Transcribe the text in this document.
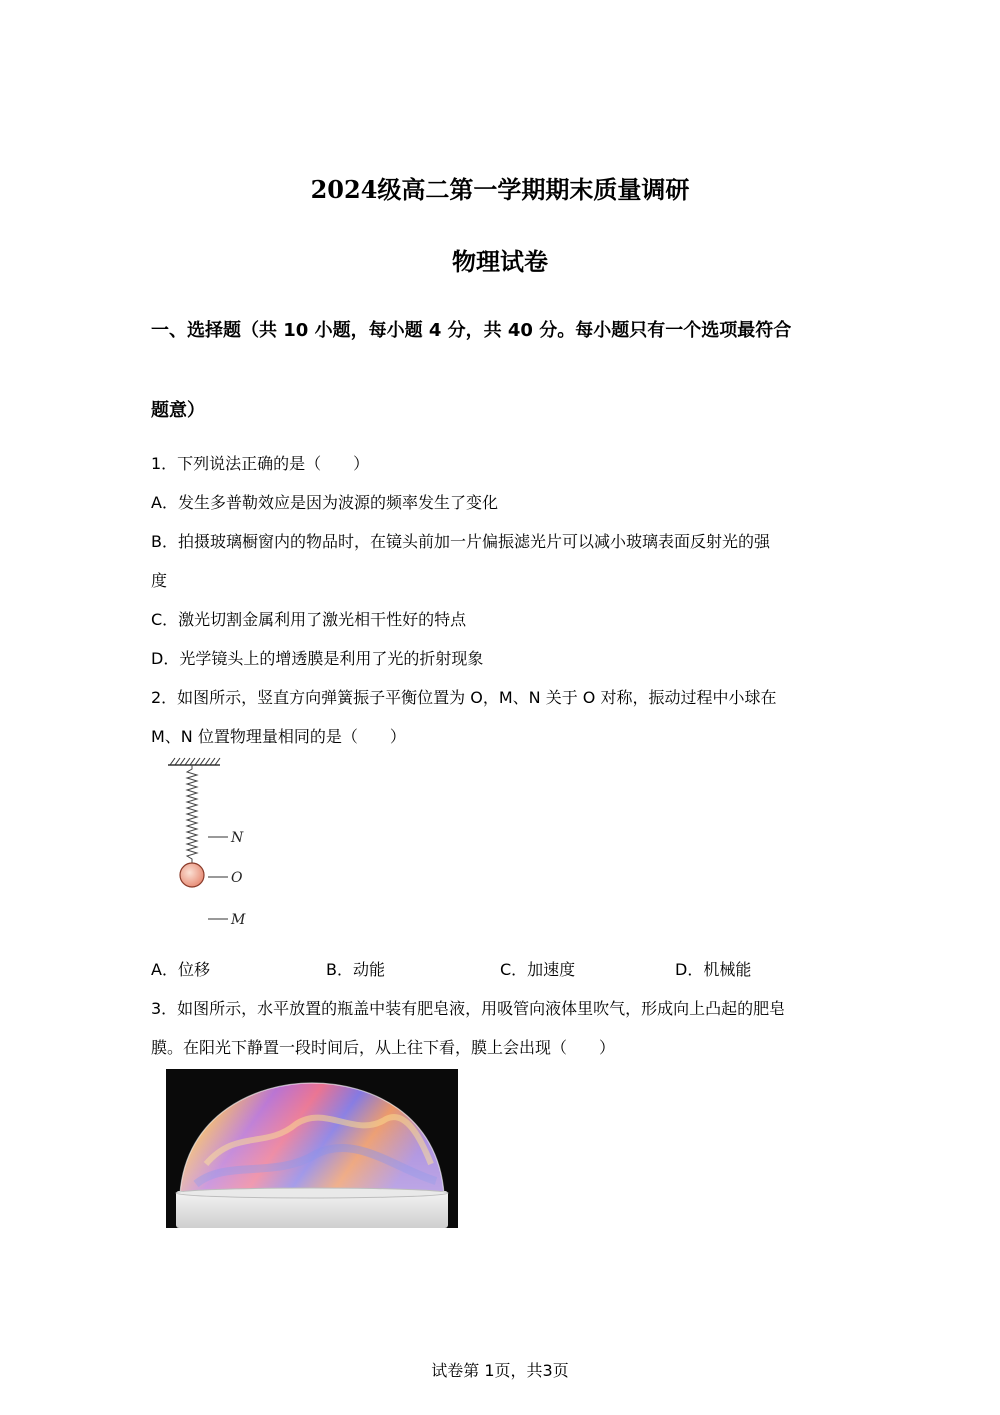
2024级高二第一学期期末质量调研
物理试卷
一、选择题（共 10 小题，每小题 4 分，共 40 分。每小题只有一个选项最符合
题意）
1．下列说法正确的是（　　）
A．发生多普勒效应是因为波源的频率发生了变化
B．拍摄玻璃橱窗内的物品时，在镜头前加一片偏振滤光片可以减小玻璃表面反射光的强
度
C．激光切割金属利用了激光相干性好的特点
D．光学镜头上的增透膜是利用了光的折射现象
2．如图所示，竖直方向弹簧振子平衡位置为 O，M、N 关于 O 对称，振动过程中小球在
M、N 位置物理量相同的是（　　）
N
O
M
A．位移	B．动能	C．加速度	D．机械能
3．如图所示，水平放置的瓶盖中装有肥皂液，用吸管向液体里吹气，形成向上凸起的肥皂
膜。在阳光下静置一段时间后，从上往下看，膜上会出现（　　）
试卷第 1页，共3页
